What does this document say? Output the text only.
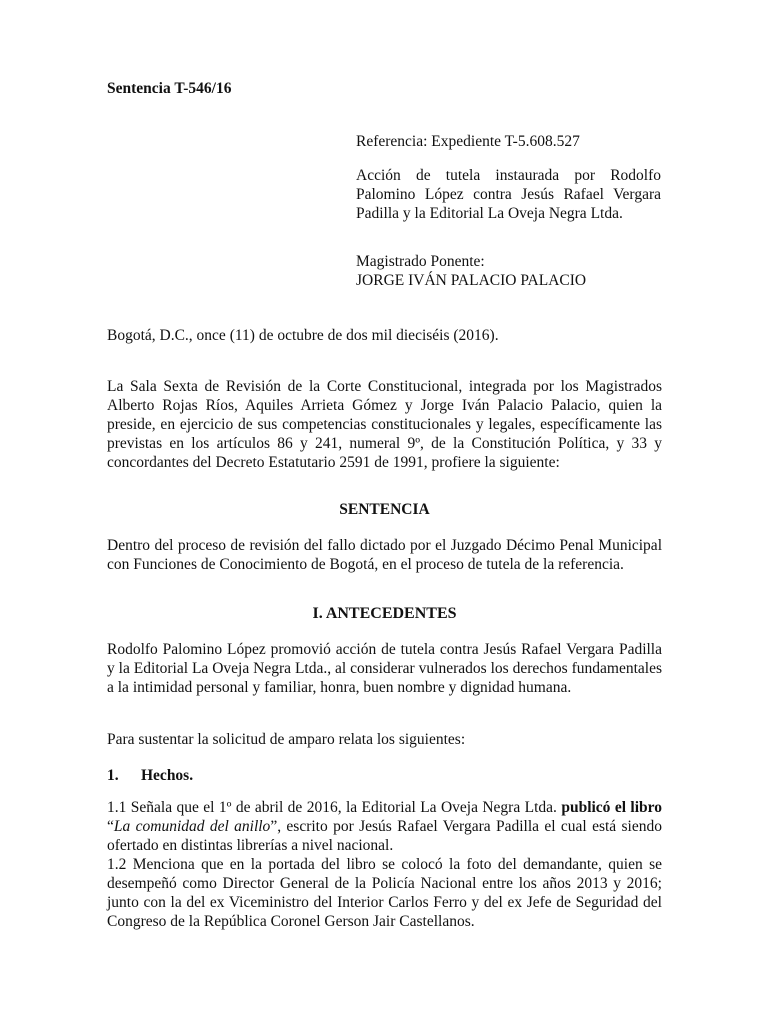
Sentencia T-546/16

Referencia: Expediente T-5.608.527

Acción de tutela instaurada por Rodolfo Palomino López contra Jesús Rafael Vergara Padilla y la Editorial La Oveja Negra Ltda.

Magistrado Ponente:
JORGE IVÁN PALACIO PALACIO

Bogotá, D.C., once (11) de octubre de dos mil dieciséis (2016).

La Sala Sexta de Revisión de la Corte Constitucional, integrada por los Magistrados Alberto Rojas Ríos, Aquiles Arrieta Gómez y Jorge Iván Palacio Palacio, quien la preside, en ejercicio de sus competencias constitucionales y legales, específicamente las previstas en los artículos 86 y 241, numeral 9º, de la Constitución Política, y 33 y concordantes del Decreto Estatutario 2591 de 1991, profiere la siguiente:

SENTENCIA

Dentro del proceso de revisión del fallo dictado por el Juzgado Décimo Penal Municipal con Funciones de Conocimiento de Bogotá, en el proceso de tutela de la referencia.

I. ANTECEDENTES

Rodolfo Palomino López promovió acción de tutela contra Jesús Rafael Vergara Padilla y la Editorial La Oveja Negra Ltda., al considerar vulnerados los derechos fundamentales a la intimidad personal y familiar, honra, buen nombre y dignidad humana.

Para sustentar la solicitud de amparo relata los siguientes:

1. Hechos.

1.1 Señala que el 1º de abril de 2016, la Editorial La Oveja Negra Ltda. publicó el libro “La comunidad del anillo”, escrito por Jesús Rafael Vergara Padilla el cual está siendo ofertado en distintas librerías a nivel nacional.

1.2 Menciona que en la portada del libro se colocó la foto del demandante, quien se desempeñó como Director General de la Policía Nacional entre los años 2013 y 2016; junto con la del ex Viceministro del Interior Carlos Ferro y del ex Jefe de Seguridad del Congreso de la República Coronel Gerson Jair Castellanos.
